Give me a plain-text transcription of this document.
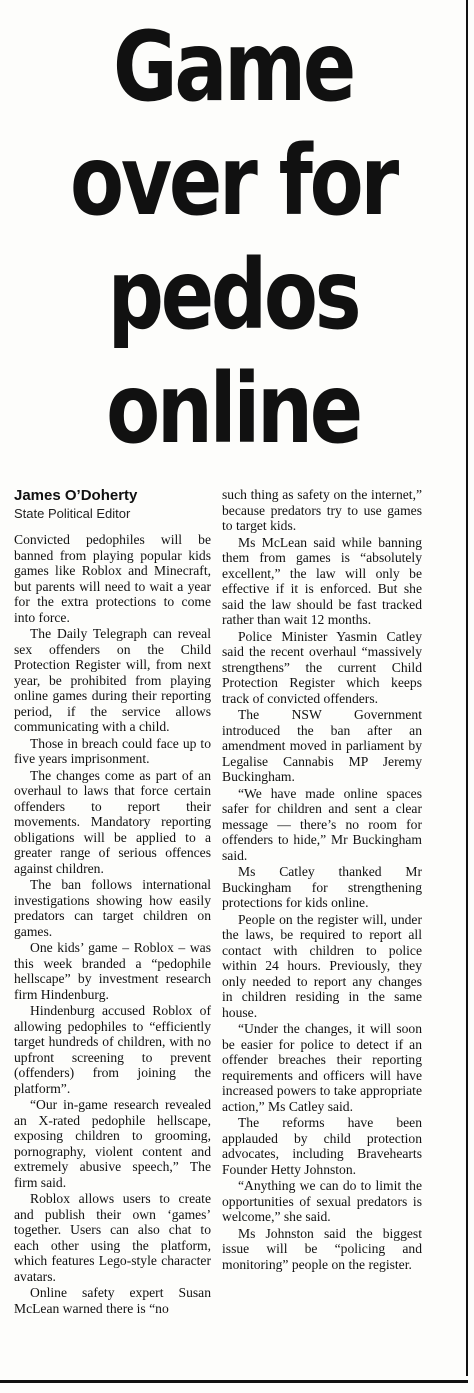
Game
over for
pedos
online
James O’Doherty
State Political Editor

Convicted pedophiles will be banned from playing popular kids games like Roblox and Minecraft, but parents will need to wait a year for the extra protections to come into force.

The Daily Telegraph can reveal sex offenders on the Child Protection Register will, from next year, be prohibited from playing online games during their reporting period, if the service allows communicating with a child.

Those in breach could face up to five years imprisonment.

The changes come as part of an overhaul to laws that force certain offenders to report their movements. Mandatory reporting obligations will be applied to a greater range of serious offences against children.

The ban follows international investigations showing how easily predators can target children on games.

One kids’ game – Roblox – was this week branded a “pedophile hellscape” by investment research firm Hindenburg.

Hindenburg accused Roblox of allowing pedophiles to “efficiently target hundreds of children, with no upfront screening to prevent (offenders) from joining the platform”.

“Our in-game research revealed an X-rated pedophile hellscape, exposing children to grooming, pornography, violent content and extremely abusive speech,” The firm said.

Roblox allows users to create and publish their own ‘games’ together. Users can also chat to each other using the platform, which features Lego-style character avatars.

Online safety expert Susan McLean warned there is “no

such thing as safety on the internet,” because predators try to use games to target kids.

Ms McLean said while banning them from games is “absolutely excellent,” the law will only be effective if it is enforced. But she said the law should be fast tracked rather than wait 12 months.

Police Minister Yasmin Catley said the recent overhaul “massively strengthens” the current Child Protection Register which keeps track of convicted offenders.

The NSW Government introduced the ban after an amendment moved in parliament by Legalise Cannabis MP Jeremy Buckingham.

“We have made online spaces safer for children and sent a clear message — there’s no room for offenders to hide,” Mr Buckingham said.

Ms Catley thanked Mr Buckingham for strengthening protections for kids online.

People on the register will, under the laws, be required to report all contact with children to police within 24 hours. Previously, they only needed to report any changes in children residing in the same house.

“Under the changes, it will soon be easier for police to detect if an offender breaches their reporting requirements and officers will have increased powers to take appropriate action,” Ms Catley said.

The reforms have been applauded by child protection advocates, including Bravehearts Founder Hetty Johnston.

“Anything we can do to limit the opportunities of sexual predators is welcome,” she said.

Ms Johnston said the biggest issue will be “policing and monitoring” people on the register.
